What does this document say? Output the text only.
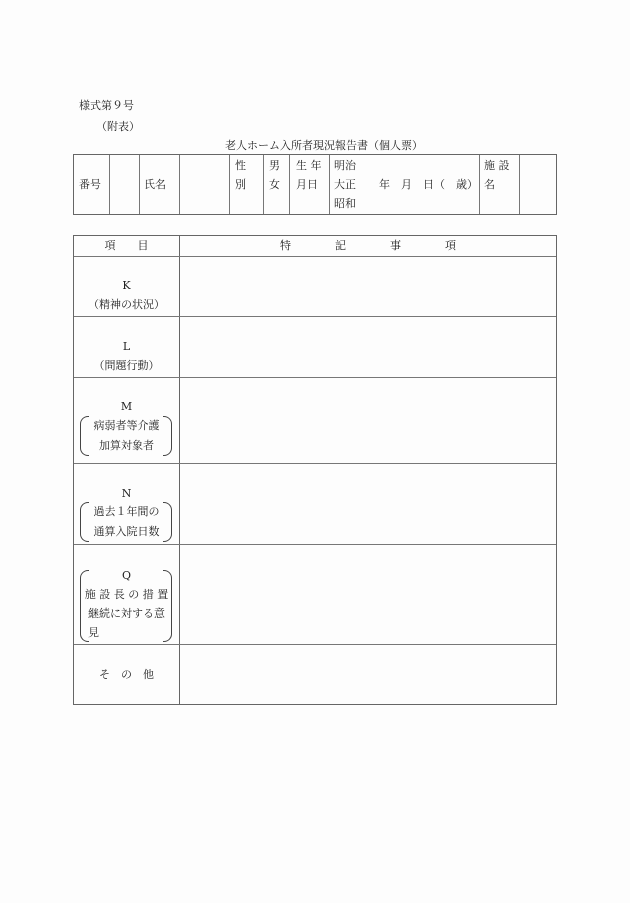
様式第９号
（附表）
老人ホーム入所者現況報告書（個人票）
番号	氏名
性
別
男
女
生 年
月日
明治
大正
昭和
年　月　日（　歳）
施 設
名
項　　目	特　　　　記　　　　事　　　　項
K
（精神の状況）
L
（問題行動）
M
病弱者等介護
加算対象者
N
過去１年間の
通算入院日数
Q
施 設 長 の 措 置
継続に対する意
見
そ　の　他
